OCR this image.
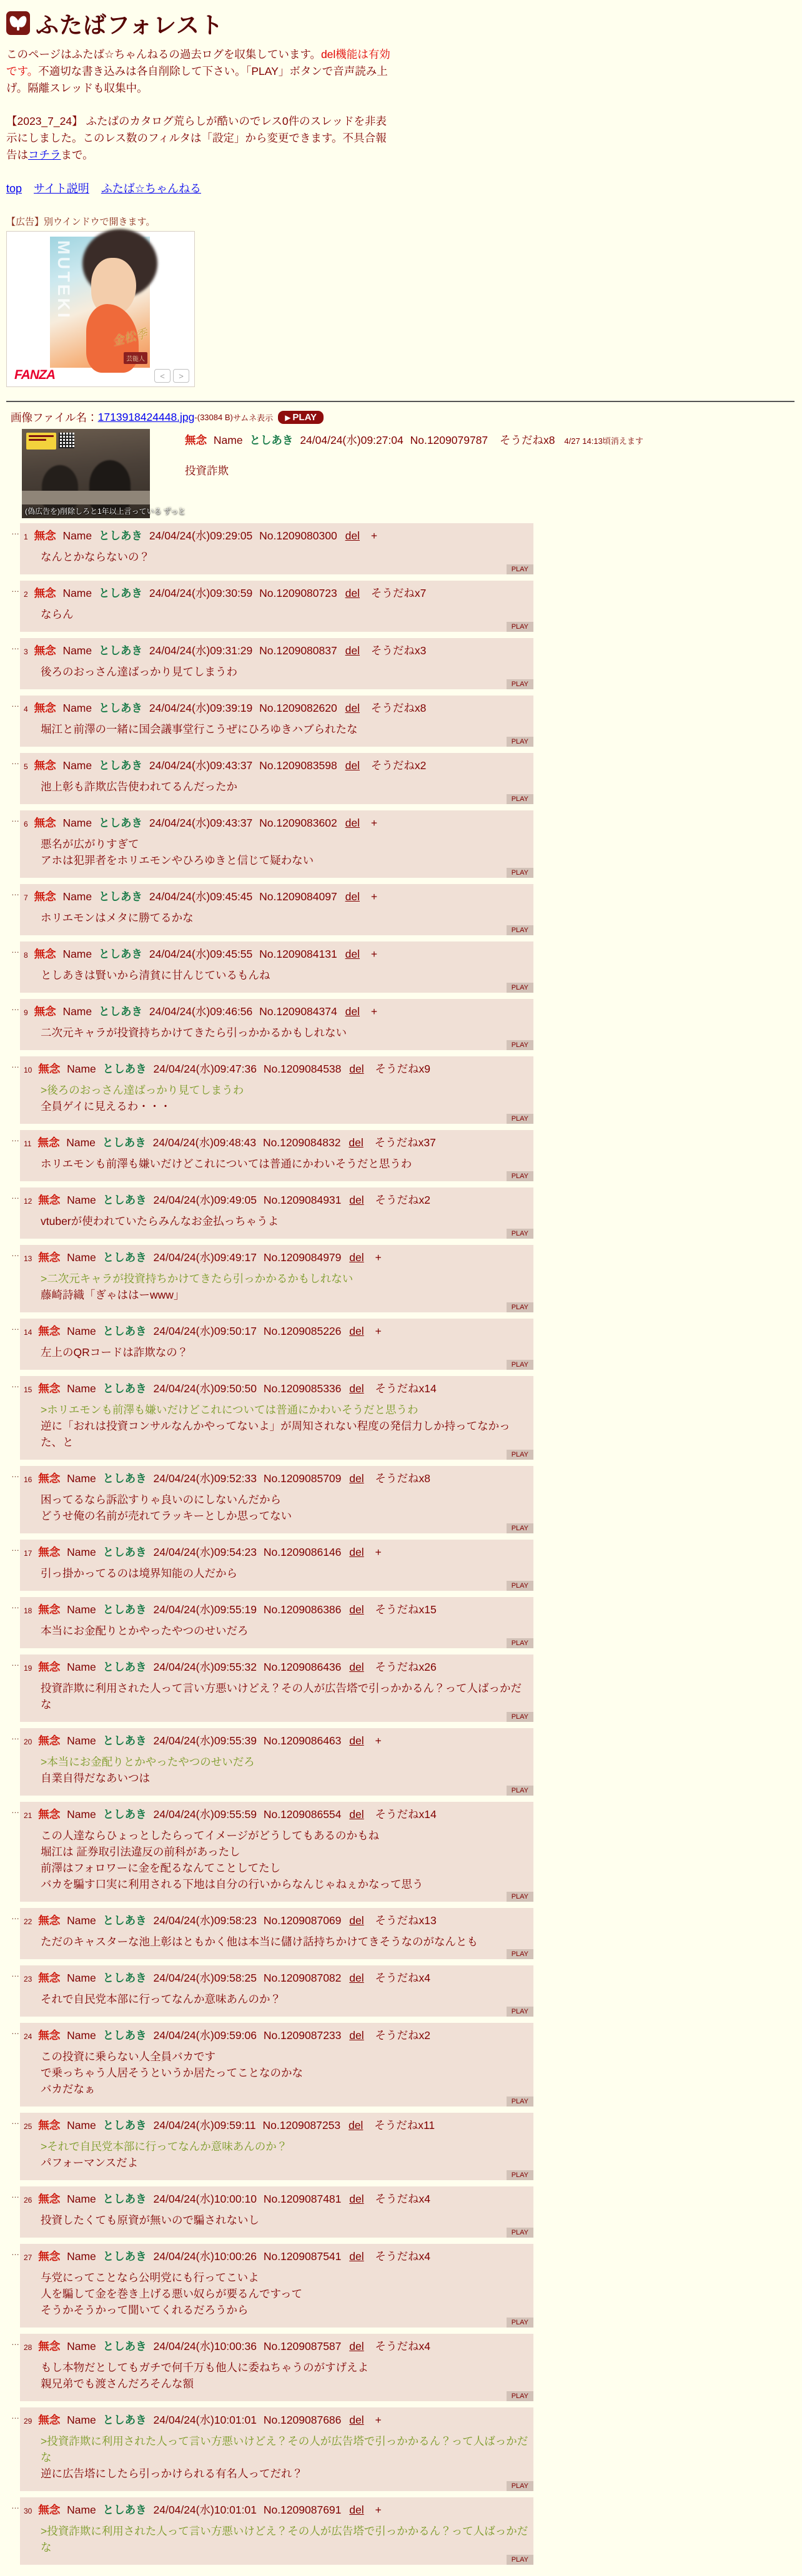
ふたばフォレスト

このページはふたば☆ちゃんねるの過去ログを収集しています。del機能は有効です。不適切な書き込みは各自削除して下さい。「PLAY」ボタンで音声読み上げ。隔離スレッドも収集中。

【2023_7_24】 ふたばのカタログ荒らしが酷いのでレス0件のスレッドを非表示にしました。このレス数のフィルタは「設定」から変更できます。不具合報告はコチラまで。

top サイト説明 ふたば☆ちゃんねる
【広告】別ウインドウで開きます。
MUTEKI
金松季
芸能人
FANZA	<	>
画像ファイル名： 1713918424448.jpg -(33084 B) サムネ表示 ▶ PLAY
(偽広告を)削除しろと1年以上言っている ずっと
無念 Name としあき 24/04/24(水)09:27:04 No.1209079787 そうだねx8 4/27 14:13頃消えます
投資詐欺
…
1 無念 Name としあき 24/04/24(水)09:29:05 No.1209080300 del +
なんとかならないの？
PLAY
…
2 無念 Name としあき 24/04/24(水)09:30:59 No.1209080723 del そうだねx7
ならん
PLAY
…
3 無念 Name としあき 24/04/24(水)09:31:29 No.1209080837 del そうだねx3
後ろのおっさん達ばっかり見てしまうわ
PLAY
…
4 無念 Name としあき 24/04/24(水)09:39:19 No.1209082620 del そうだねx8
堀江と前澤の一緒に国会議事堂行こうぜにひろゆきハブられたな
PLAY
…
5 無念 Name としあき 24/04/24(水)09:43:37 No.1209083598 del そうだねx2
池上彰も詐欺広告使われてるんだったか
PLAY
…
6 無念 Name としあき 24/04/24(水)09:43:37 No.1209083602 del +
悪名が広がりすぎて
アホは犯罪者をホリエモンやひろゆきと信じて疑わない
PLAY
…
7 無念 Name としあき 24/04/24(水)09:45:45 No.1209084097 del +
ホリエモンはメタに勝てるかな
PLAY
…
8 無念 Name としあき 24/04/24(水)09:45:55 No.1209084131 del +
としあきは賢いから清貧に甘んじているもんね
PLAY
…
9 無念 Name としあき 24/04/24(水)09:46:56 No.1209084374 del +
二次元キャラが投資持ちかけてきたら引っかかるかもしれない
PLAY
…
10 無念 Name としあき 24/04/24(水)09:47:36 No.1209084538 del そうだねx9
>後ろのおっさん達ばっかり見てしまうわ
全員ゲイに見えるわ・・・
PLAY
…
11 無念 Name としあき 24/04/24(水)09:48:43 No.1209084832 del そうだねx37
ホリエモンも前澤も嫌いだけどこれについては普通にかわいそうだと思うわ
PLAY
…
12 無念 Name としあき 24/04/24(水)09:49:05 No.1209084931 del そうだねx2
vtuberが使われていたらみんなお金払っちゃうよ
PLAY
…
13 無念 Name としあき 24/04/24(水)09:49:17 No.1209084979 del +
>二次元キャラが投資持ちかけてきたら引っかかるかもしれない
藤崎詩織「ぎゃははーwww」
PLAY
…
14 無念 Name としあき 24/04/24(水)09:50:17 No.1209085226 del +
左上のQRコードは詐欺なの？
PLAY
…
15 無念 Name としあき 24/04/24(水)09:50:50 No.1209085336 del そうだねx14
>ホリエモンも前澤も嫌いだけどこれについては普通にかわいそうだと思うわ
逆に「おれは投資コンサルなんかやってないよ」が周知されない程度の発信力しか持ってなかった、と
PLAY
…
16 無念 Name としあき 24/04/24(水)09:52:33 No.1209085709 del そうだねx8
困ってるなら訴訟すりゃ良いのにしないんだから
どうせ俺の名前が売れてラッキーとしか思ってない
PLAY
…
17 無念 Name としあき 24/04/24(水)09:54:23 No.1209086146 del +
引っ掛かってるのは境界知能の人だから
PLAY
…
18 無念 Name としあき 24/04/24(水)09:55:19 No.1209086386 del そうだねx15
本当にお金配りとかやったやつのせいだろ
PLAY
…
19 無念 Name としあき 24/04/24(水)09:55:32 No.1209086436 del そうだねx26
投資詐欺に利用された人って言い方悪いけどえ？その人が広告塔で引っかかるん？って人ばっかだな
PLAY
…
20 無念 Name としあき 24/04/24(水)09:55:39 No.1209086463 del +
>本当にお金配りとかやったやつのせいだろ
自業自得だなあいつは
PLAY
…
21 無念 Name としあき 24/04/24(水)09:55:59 No.1209086554 del そうだねx14
この人達ならひょっとしたらってイメージがどうしてもあるのかもね
堀江は 証券取引法違反の前科があったし
前澤はフォロワーに金を配るなんてことしてたし
バカを騙す口実に利用される下地は自分の行いからなんじゃねぇかなって思う
PLAY
…
22 無念 Name としあき 24/04/24(水)09:58:23 No.1209087069 del そうだねx13
ただのキャスターな池上彰はともかく他は本当に儲け話持ちかけてきそうなのがなんとも
PLAY
…
23 無念 Name としあき 24/04/24(水)09:58:25 No.1209087082 del そうだねx4
それで自民党本部に行ってなんか意味あんのか？
PLAY
…
24 無念 Name としあき 24/04/24(水)09:59:06 No.1209087233 del そうだねx2
この投資に乗らない人全員バカです
で乗っちゃう人居そうというか居たってことなのかな
バカだなぁ
PLAY
…
25 無念 Name としあき 24/04/24(水)09:59:11 No.1209087253 del そうだねx11
>それで自民党本部に行ってなんか意味あんのか？
パフォーマンスだよ
PLAY
…
26 無念 Name としあき 24/04/24(水)10:00:10 No.1209087481 del そうだねx4
投資したくても原資が無いので騙されないし
PLAY
…
27 無念 Name としあき 24/04/24(水)10:00:26 No.1209087541 del そうだねx4
与党にってことなら公明党にも行ってこいよ
人を騙して金を巻き上げる悪い奴らが要るんですって
そうかそうかって聞いてくれるだろうから
PLAY
…
28 無念 Name としあき 24/04/24(水)10:00:36 No.1209087587 del そうだねx4
もし本物だとしてもガチで何千万も他人に委ねちゃうのがすげえよ
親兄弟でも渡さんだろそんな額
PLAY
…
29 無念 Name としあき 24/04/24(水)10:01:01 No.1209087686 del +
>投資詐欺に利用された人って言い方悪いけどえ？その人が広告塔で引っかかるん？って人ばっかだな
逆に広告塔にしたら引っかけられる有名人ってだれ？
PLAY
…
30 無念 Name としあき 24/04/24(水)10:01:01 No.1209087691 del +
>投資詐欺に利用された人って言い方悪いけどえ？その人が広告塔で引っかかるん？って人ばっかだな
PLAY
